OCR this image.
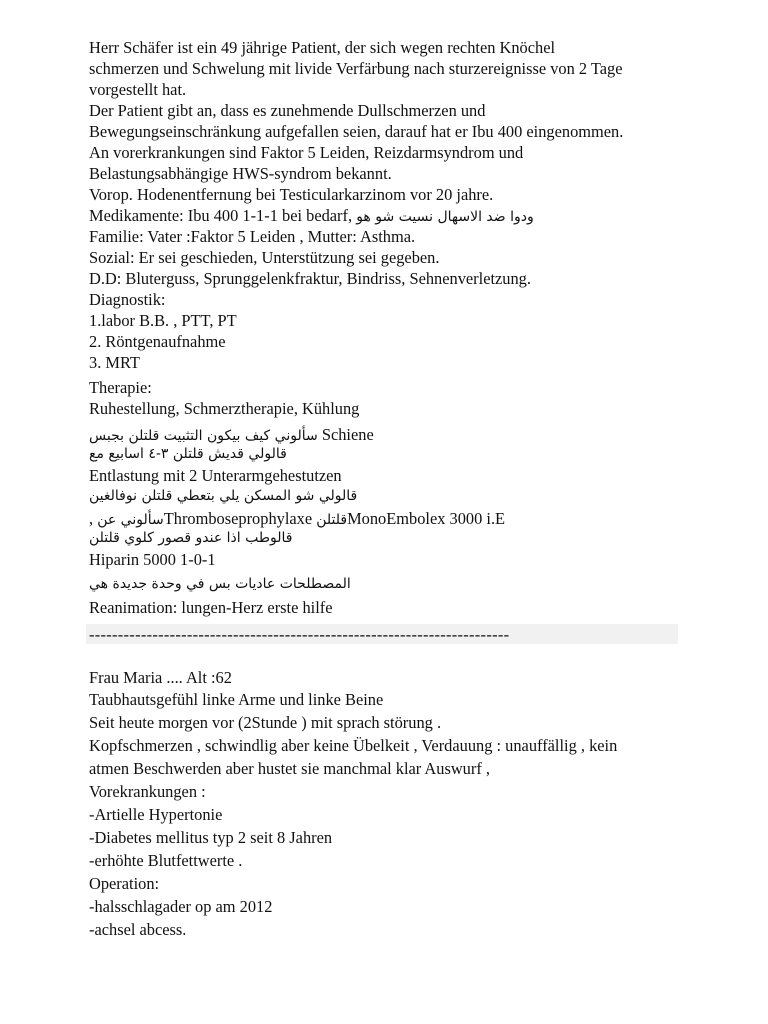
Herr Schäfer ist ein 49 jährige Patient, der sich wegen rechten Knöchel
schmerzen und Schwelung mit livide Verfärbung nach sturzereignisse von 2 Tage
vorgestellt hat.
Der Patient gibt an, dass es zunehmende Dullschmerzen und
Bewegungseinschränkung aufgefallen seien, darauf hat er Ibu 400 eingenommen.
An vorerkrankungen sind Faktor 5 Leiden, Reizdarmsyndrom und
Belastungsabhängige HWS-syndrom bekannt.
Vorop. Hodenentfernung bei Testicularkarzinom vor 20 jahre.
Medikamente: Ibu 400 1-1-1 bei bedarf, ودوا ضد الاسهال نسيت شو هو
Familie: Vater :Faktor 5 Leiden , Mutter: Asthma.
Sozial: Er sei geschieden, Unterstützung sei gegeben.
D.D: Bluterguss, Sprunggelenkfraktur, Bindriss, Sehnenverletzung.
Diagnostik:
1.labor B.B. , PTT, PT
2. Röntgenaufnahme
3. MRT
Therapie:
Ruhestellung, Schmerztherapie, Kühlung
سألوني كيف بيكون التثبيت قلتلن بجبس Schiene
قالولي قديش قلتلن ٣-٤ اسابيع مع
Entlastung mit 2 Unterarmgehestutzen
قالولي شو المسكن يلي بتعطي قلتلن نوفالغين
, سألوني عنThromboseprophylaxe قلتلنMonoEmbolex 3000 i.E
قالوطب اذا عندو قصور كلوي قلتلن
Hiparin 5000 1-0-1
المصطلحات عاديات بس في وحدة جديدة هي
Reanimation: lungen-Herz erste hilfe
-------------------------------------------------------------------------
Frau Maria .... Alt :62
Taubhautsgefühl linke Arme und linke Beine
Seit heute morgen vor (2Stunde ) mit sprach störung .
Kopfschmerzen , schwindlig aber keine Übelkeit , Verdauung : unauffällig , kein
atmen Beschwerden aber hustet sie manchmal klar Auswurf ,
Vorekrankungen :
-Artielle Hypertonie
-Diabetes mellitus typ 2 seit 8 Jahren
-erhöhte Blutfettwerte .
Operation:
-halsschlagader op am 2012
-achsel abcess.
